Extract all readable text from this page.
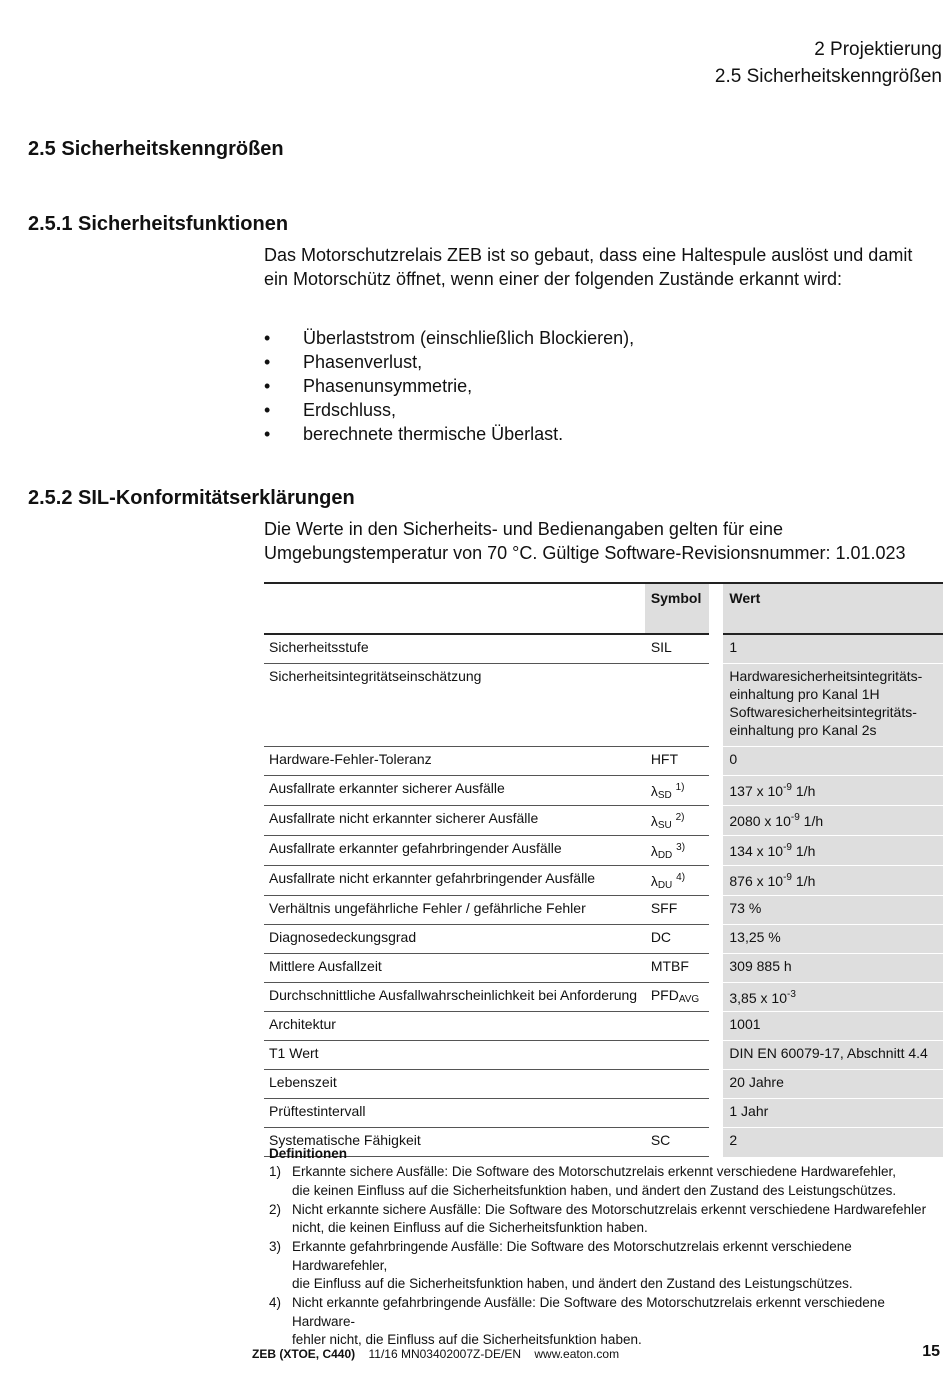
2 Projektierung
2.5 Sicherheitskenngrößen
2.5 Sicherheitskenngrößen
2.5.1 Sicherheitsfunktionen

Das Motorschutzrelais ZEB ist so gebaut, dass eine Haltespule auslöst und damit ein Motorschütz öffnet, wenn einer der folgenden Zustände erkannt wird:

• Überlaststrom (einschließlich Blockieren),
• Phasenverlust,
• Phasenunsymmetrie,
• Erdschluss,
• berechnete thermische Überlast.
2.5.2 SIL-Konformitätserklärungen

Die Werte in den Sicherheits- und Bedienangaben gelten für eine Umgebungstemperatur von 70 °C. Gültige Software-Revisionsnummer: 1.01.023

	Symbol		Wert
Sicherheitsstufe	SIL		1
Sicherheitsintegritätseinschätzung			Hardwaresicherheitsintegritäts-
einhaltung pro Kanal 1H
Softwaresicherheitsintegritäts-
einhaltung pro Kanal 2s

Hardware-Fehler-Toleranz	HFT		0
Ausfallrate erkannter sicherer Ausfälle	$\lambda_{SD}$ $^{1)}$		137 x $10^{-9}$ 1/h
Ausfallrate nicht erkannter sicherer Ausfälle	$\lambda_{SU}$ $^{2)}$		2080 x $10^{-9}$ 1/h
Ausfallrate erkannter gefahrbringender Ausfälle	$\lambda_{DD}$ $^{3)}$		134 x $10^{-9}$ 1/h
Ausfallrate nicht erkannter gefahrbringender Ausfälle	$\lambda_{DU}$ $^{4)}$		876 x $10^{-9}$ 1/h
Verhältnis ungefährliche Fehler / gefährliche Fehler	SFF		73 %
Diagnosedeckungsgrad	DC		13,25 %
Mittlere Ausfallzeit	MTBF		309 885 h
Durchschnittliche Ausfallwahrscheinlichkeit bei Anforderung	$PFD_{AVG}$		3,85 x $10^{-3}$
Architektur			1001
T1 Wert			DIN EN 60079-17, Abschnitt 4.4
Lebenszeit			20 Jahre
Prüftestintervall			1 Jahr
Systematische Fähigkeit	SC		2
Definitionen
1) Erkannte sichere Ausfälle: Die Software des Motorschutzrelais erkennt verschiedene Hardwarefehler,
die keinen Einfluss auf die Sicherheitsfunktion haben, und ändert den Zustand des Leistungschützes.
2) Nicht erkannte sichere Ausfälle: Die Software des Motorschutzrelais erkennt verschiedene Hardwarefehler
nicht, die keinen Einfluss auf die Sicherheitsfunktion haben.
3) Erkannte gefahrbringende Ausfälle: Die Software des Motorschutzrelais erkennt verschiedene Hardwarefehler,
die Einfluss auf die Sicherheitsfunktion haben, und ändert den Zustand des Leistungschützes.
4) Nicht erkannte gefahrbringende Ausfälle: Die Software des Motorschutzrelais erkennt verschiedene Hardware-
fehler nicht, die Einfluss auf die Sicherheitsfunktion haben.
ZEB (XTOE, C440) 11/16 MN03402007Z-DE/EN www.eaton.com	15
